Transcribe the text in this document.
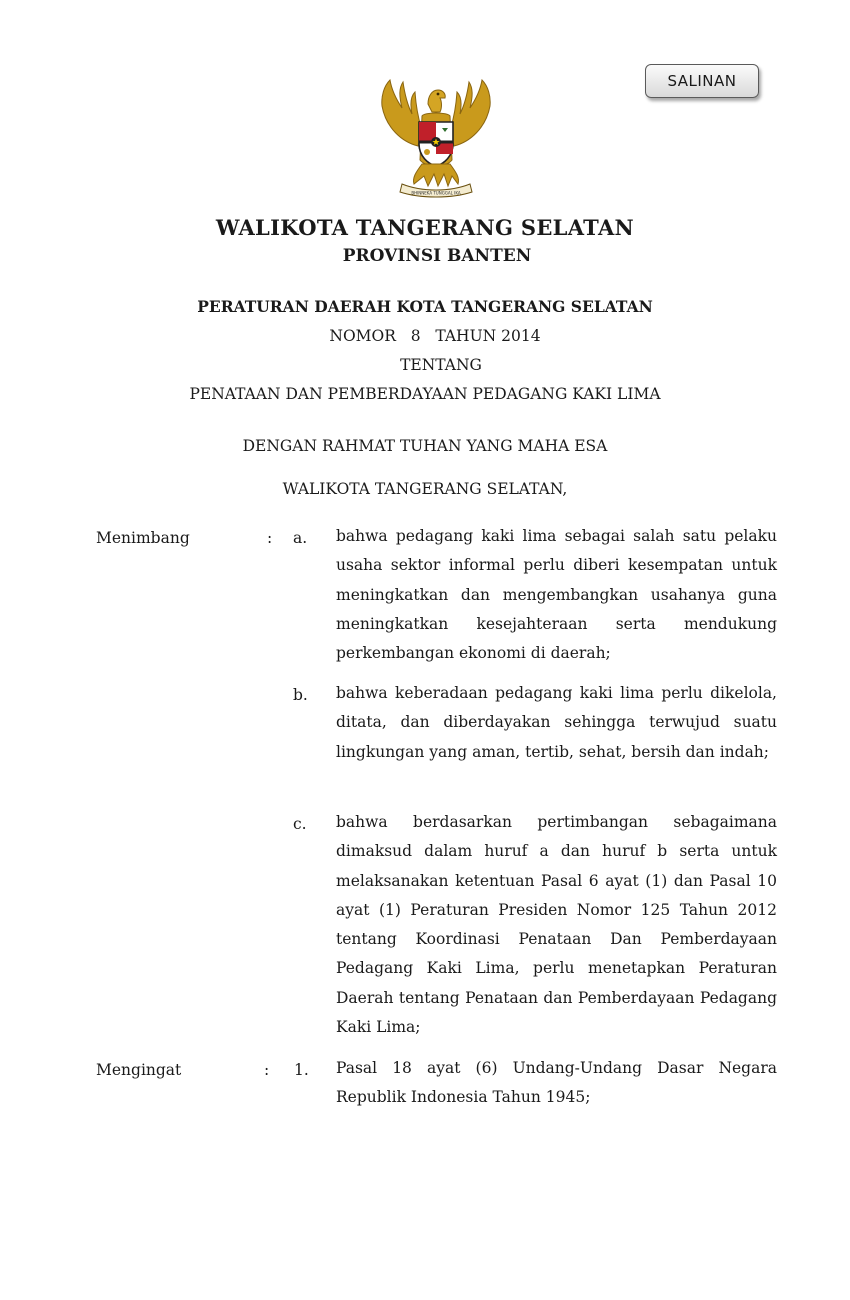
SALINAN
BHINNEKA TUNGGAL IKA
WALIKOTA TANGERANG SELATAN
PROVINSI BANTEN
PERATURAN DAERAH KOTA TANGERANG SELATAN
NOMOR 8 TAHUN 2014
TENTANG
PENATAAN DAN PEMBERDAYAAN PEDAGANG KAKI LIMA
DENGAN RAHMAT TUHAN YANG MAHA ESA
WALIKOTA TANGERANG SELATAN,
Menimbang	: a. bahwa pedagang kaki lima sebagai salah satu pelaku usaha sektor informal perlu diberi kesempatan untuk meningkatkan dan mengembangkan usahanya guna meningkatkan kesejahteraan serta mendukung perkembangan ekonomi di daerah;
b. bahwa keberadaan pedagang kaki lima perlu dikelola, ditata, dan diberdayakan sehingga terwujud suatu lingkungan yang aman, tertib, sehat, bersih dan indah;
c. bahwa berdasarkan pertimbangan sebagaimana dimaksud dalam huruf a dan huruf b serta untuk melaksanakan ketentuan Pasal 6 ayat (1) dan Pasal 10 ayat (1) Peraturan Presiden Nomor 125 Tahun 2012 tentang Koordinasi Penataan Dan Pemberdayaan Pedagang Kaki Lima, perlu menetapkan Peraturan Daerah tentang Penataan dan Pemberdayaan Pedagang Kaki Lima;
Mengingat	: 1. Pasal 18 ayat (6) Undang-Undang Dasar Negara Republik Indonesia Tahun 1945;
